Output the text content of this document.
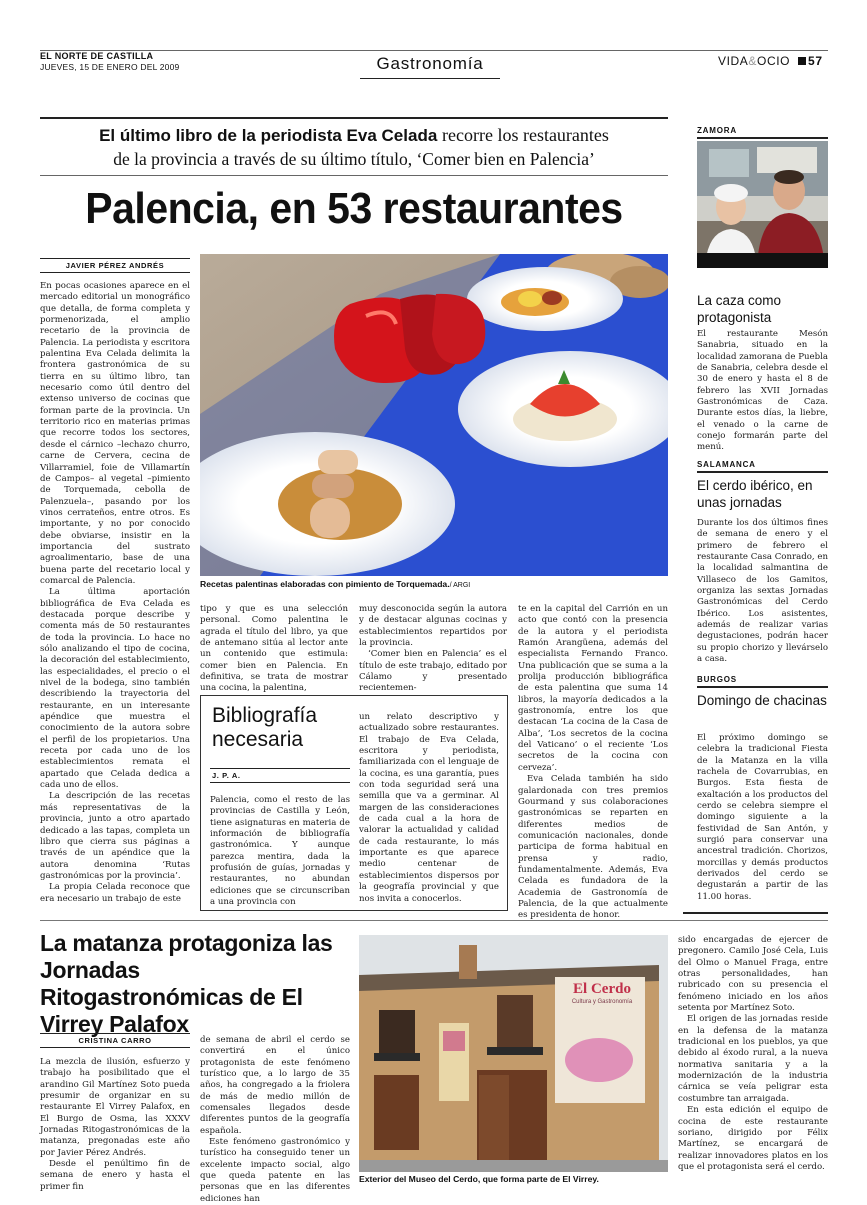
EL NORTE DE CASTILLA
JUEVES, 15 DE ENERO DEL 2009	Gastronomía	VIDA&OCIO 57
El último libro de la periodista Eva Celada recorre los restaurantes
de la provincia a través de su último título, ‘Comer bien en Palencia’
Palencia, en 53 restaurantes
JAVIER PÉREZ ANDRÉS
Recetas palentinas elaboradas con pimiento de Torquemada./ ARGI

En pocas ocasiones aparece en el mercado editorial un monográfico que detalla, de forma completa y pormenorizada, el amplio recetario de la provincia de Palencia. La periodista y escritora palentina Eva Celada delimita la frontera gastronómica de su tierra en su último libro, tan necesario como útil dentro del extenso universo de cocinas que forman parte de la provincia. Un territorio rico en materias primas que recorre todos los sectores, desde el cárnico –lechazo churro, carne de Cervera, cecina de Villarramiel, foie de Villamartín de Campos– al vegetal –pimiento de Torquemada, cebolla de Palenzuela–, pasando por los vinos cerrateños, entre otros. Es importante, y no por conocido debe obviarse, insistir en la importancia del sustrato agroalimentario, base de una buena parte del recetario local y comarcal de Palencia.

La última aportación bibliográfica de Eva Celada es destacada porque describe y comenta más de 50 restaurantes de toda la provincia. Lo hace no sólo analizando el tipo de cocina, la decoración del establecimiento, las especialidades, el precio o el nivel de la bodega, sino también describiendo la trayectoria del restaurante, en un interesante apéndice que muestra el conocimiento de la autora sobre el perfil de los propietarios. Una receta por cada uno de los establecimientos remata el apartado que Celada dedica a cada uno de ellos.

La descripción de las recetas más representativas de la provincia, junto a otro apartado dedicado a las tapas, completa un libro que cierra sus páginas a través de un apéndice que la autora denomina ‘Rutas gastronómicas por la provincia’.

La propia Celada reconoce que era necesario un trabajo de este

tipo y que es una selección personal. Como palentina le agrada el título del libro, ya que de antemano sitúa al lector ante un contenido que estimula: comer bien en Palencia. En definitiva, se trata de mostrar una cocina, la palentina,

muy desconocida según la autora y de destacar algunas cocinas y establecimientos repartidos por la provincia.

‘Comer bien en Palencia’ es el título de este trabajo, editado por Cálamo y presentado recientemen-

te en la capital del Carrión en un acto que contó con la presencia de la autora y el periodista Ramón Arangüena, además del especialista Fernando Franco. Una publicación que se suma a la prolija producción bibliográfica de esta palentina que suma 14 libros, la mayoría dedicados a la gastronomía, entre los que destacan ‘La cocina de la Casa de Alba’, ‘Los secretos de la cocina del Vaticano’ o el reciente ‘Los secretos de la cocina con cerveza’.

Eva Celada también ha sido galardonada con tres premios Gourmand y sus colaboraciones gastronómicas se reparten en diferentes medios de comunicación nacionales, donde participa de forma habitual en prensa y radio, fundamentalmente. Además, Eva Celada es fundadora de la Academia de Gastronomía de Palencia, de la que actualmente es presidenta de honor.

Bibliografía necesaria
J. P. A.

Palencia, como el resto de las provincias de Castilla y León, tiene asignaturas en materia de información de bibliografía gastronómica. Y aunque parezca mentira, dada la profusión de guías, jornadas y restaurantes, no abundan ediciones que se circunscriban a una provincia con

un relato descriptivo y actualizado sobre restaurantes. El trabajo de Eva Celada, escritora y periodista, familiarizada con el lenguaje de la cocina, es una garantía, pues con toda seguridad será una semilla que va a germinar. Al margen de las consideraciones de cada cual a la hora de valorar la actualidad y calidad de cada restaurante, lo más importante es que aparece medio centenar de establecimientos dispersos por la geografía provincial y que nos invita a conocerlos.

ZAMORA
Los propietarios del mesón.
La caza como protagonista

El restaurante Mesón Sanabria, situado en la localidad zamorana de Puebla de Sanabria, celebra desde el 30 de enero y hasta el 8 de febrero las XVII Jornadas Gastronómicas de Caza. Durante estos días, la liebre, el venado o la carne de conejo formarán parte del menú.

SALAMANCA
El cerdo ibérico, en unas jornadas

Durante los dos últimos fines de semana de enero y el primero de febrero el restaurante Casa Conrado, en la localidad salmantina de Villaseco de los Gamitos, organiza las sextas Jornadas Gastronómicas del Cerdo Ibérico. Los asistentes, además de realizar varias degustaciones, podrán hacer su propio chorizo y llevárselo a casa.

BURGOS
Domingo de chacinas

El próximo domingo se celebra la tradicional Fiesta de la Matanza en la villa rachela de Covarrubias, en Burgos. Esta fiesta de exaltación a los productos del cerdo se celebra siempre el domingo siguiente a la festividad de San Antón, y surgió para conservar una ancestral tradición. Chorizos, morcillas y demás productos derivados del cerdo se degustarán a partir de las 11.00 horas.

La matanza protagoniza las Jornadas Ritogastronómicas de El Virrey Palafox
CRISTINA CARRO

La mezcla de ilusión, esfuerzo y trabajo ha posibilitado que el arandino Gil Martínez Soto pueda presumir de organizar en su restaurante El Virrey Palafox, en El Burgo de Osma, las XXXV Jornadas Ritogastronómicas de la matanza, pregonadas este año por Javier Pérez Andrés.

Desde el penúltimo fin de semana de enero y hasta el primer fin

de semana de abril el cerdo se convertirá en el único protagonista de este fenómeno turístico que, a lo largo de 35 años, ha congregado a la friolera de más de medio millón de comensales llegados desde diferentes puntos de la geografía española.

Este fenómeno gastronómico y turístico ha conseguido tener un excelente impacto social, algo que queda patente en las personas que en las diferentes ediciones han

El Cerdo
Cultura y Gastronomía
Exterior del Museo del Cerdo, que forma parte de El Virrey.

sido encargadas de ejercer de pregonero. Camilo José Cela, Luis del Olmo o Manuel Fraga, entre otras personalidades, han rubricado con su presencia el fenómeno iniciado en los años setenta por Martínez Soto.

El origen de las jornadas reside en la defensa de la matanza tradicional en los pueblos, ya que debido al éxodo rural, a la nueva normativa sanitaria y a la modernización de la industria cárnica se veía peligrar esta costumbre tan arraigada.

En esta edición el equipo de cocina de este restaurante soriano, dirigido por Félix Martínez, se encargará de realizar innovadores platos en los que el protagonista será el cerdo.
